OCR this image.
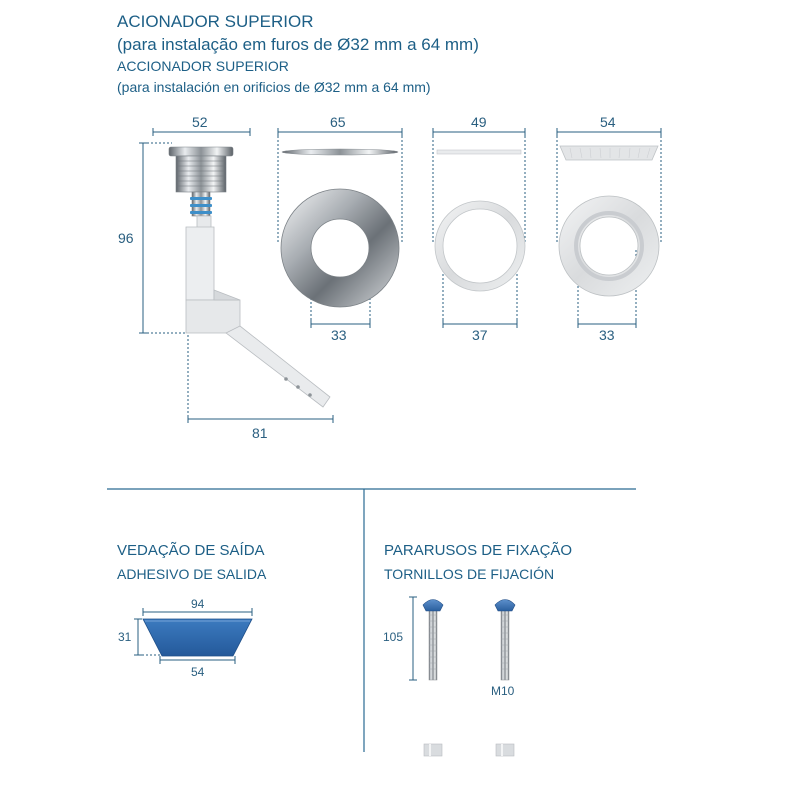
ACIONADOR SUPERIOR
(para instalação em furos de Ø32 mm a 64 mm)
ACCIONADOR SUPERIOR
(para instalación en orificios de Ø32 mm a 64 mm)
52
96
81
65
33
49
37
54
33
VEDAÇÃO DE SAÍDA
ADHESIVO DE SALIDA
94
31
54
PARARUSOS DE FIXAÇÃO
TORNILLOS DE FIJACIÓN
105
M10
